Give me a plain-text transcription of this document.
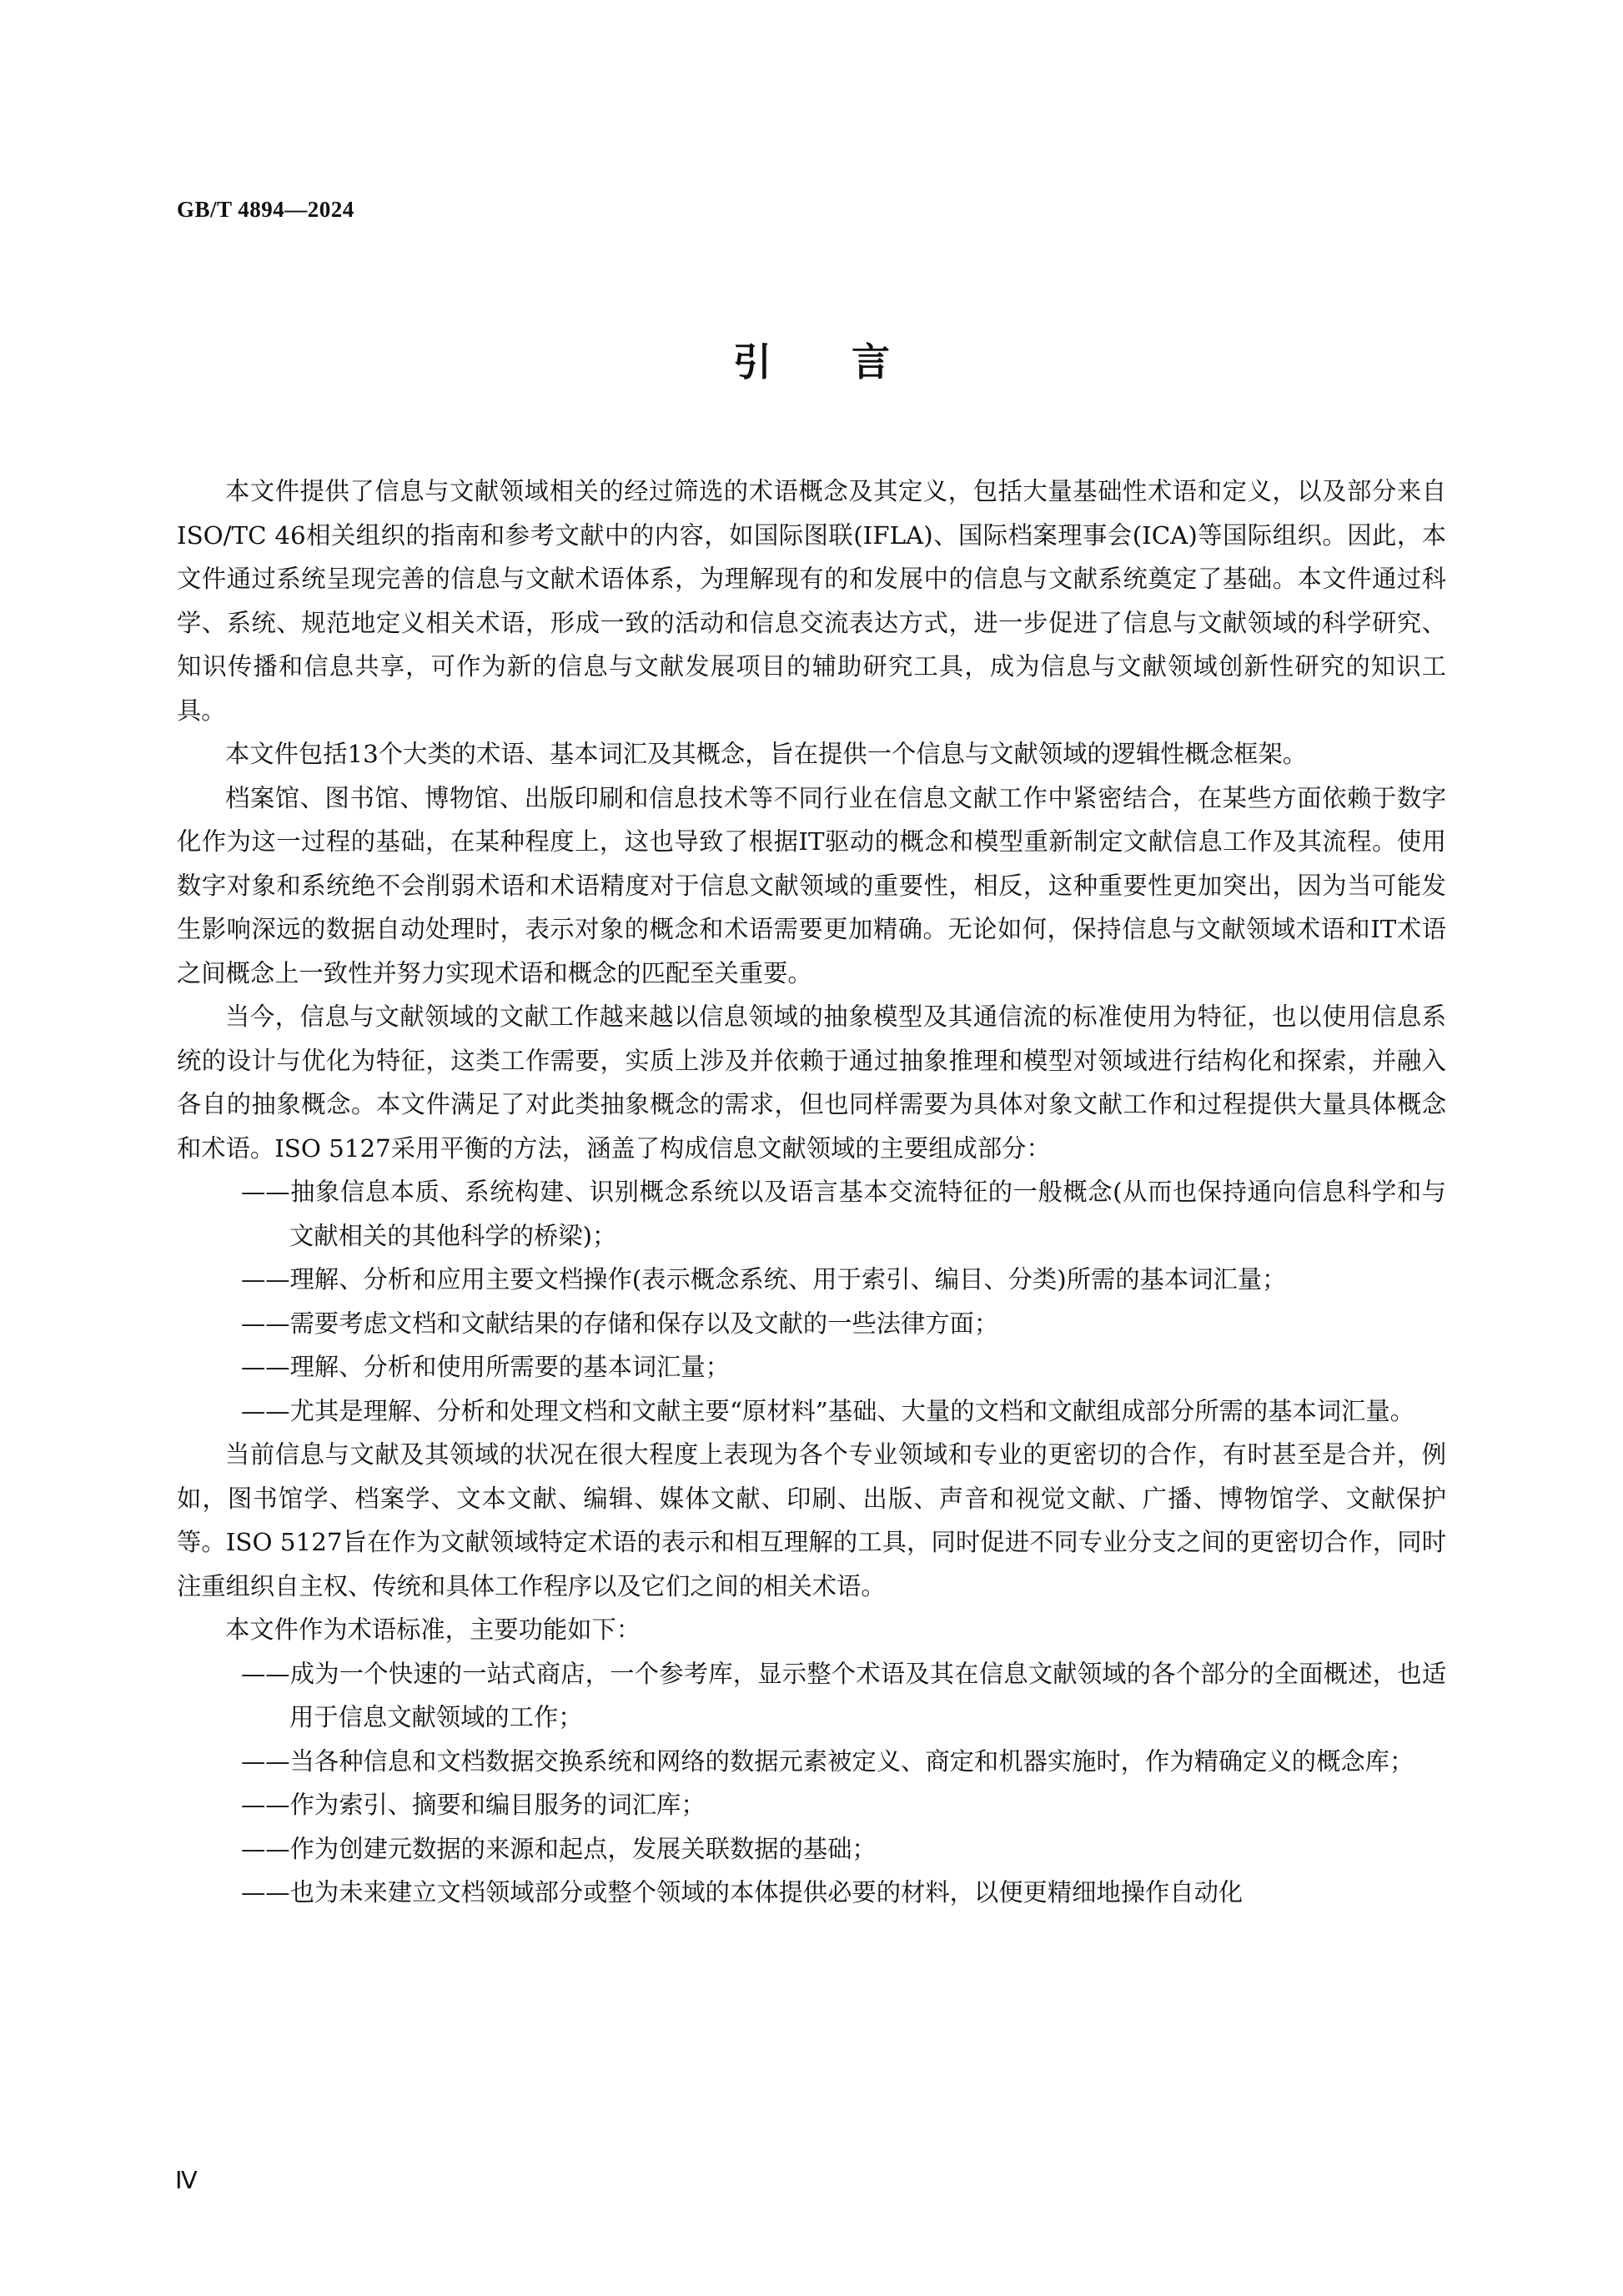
GB/T 4894—2024
引言

本文件提供了信息与文献领域相关的经过筛选的术语概念及其定义，包括大量基础性术语和定义，以及部分来自ISO/TC 46相关组织的指南和参考文献中的内容，如国际图联(IFLA)、国际档案理事会(ICA)等国际组织。因此，本文件通过系统呈现完善的信息与文献术语体系，为理解现有的和发展中的信息与文献系统奠定了基础。本文件通过科学、系统、规范地定义相关术语，形成一致的活动和信息交流表达方式，进一步促进了信息与文献领域的科学研究、知识传播和信息共享，可作为新的信息与文献发展项目的辅助研究工具，成为信息与文献领域创新性研究的知识工具。

本文件包括13个大类的术语、基本词汇及其概念，旨在提供一个信息与文献领域的逻辑性概念框架。

档案馆、图书馆、博物馆、出版印刷和信息技术等不同行业在信息文献工作中紧密结合，在某些方面依赖于数字化作为这一过程的基础，在某种程度上，这也导致了根据IT驱动的概念和模型重新制定文献信息工作及其流程。使用数字对象和系统绝不会削弱术语和术语精度对于信息文献领域的重要性，相反，这种重要性更加突出，因为当可能发生影响深远的数据自动处理时，表示对象的概念和术语需要更加精确。无论如何，保持信息与文献领域术语和IT术语之间概念上一致性并努力实现术语和概念的匹配至关重要。

当今，信息与文献领域的文献工作越来越以信息领域的抽象模型及其通信流的标准使用为特征，也以使用信息系统的设计与优化为特征，这类工作需要，实质上涉及并依赖于通过抽象推理和模型对领域进行结构化和探索，并融入各自的抽象概念。本文件满足了对此类抽象概念的需求，但也同样需要为具体对象文献工作和过程提供大量具体概念和术语。ISO 5127采用平衡的方法，涵盖了构成信息文献领域的主要组成部分：

——抽象信息本质、系统构建、识别概念系统以及语言基本交流特征的一般概念(从而也保持通向信息科学和与文献相关的其他科学的桥梁)；

——理解、分析和应用主要文档操作(表示概念系统、用于索引、编目、分类)所需的基本词汇量；

——需要考虑文档和文献结果的存储和保存以及文献的一些法律方面；

——理解、分析和使用所需要的基本词汇量；

——尤其是理解、分析和处理文档和文献主要“原材料”基础、大量的文档和文献组成部分所需的基本词汇量。

当前信息与文献及其领域的状况在很大程度上表现为各个专业领域和专业的更密切的合作，有时甚至是合并，例如，图书馆学、档案学、文本文献、编辑、媒体文献、印刷、出版、声音和视觉文献、广播、博物馆学、文献保护等。ISO 5127旨在作为文献领域特定术语的表示和相互理解的工具，同时促进不同专业分支之间的更密切合作，同时注重组织自主权、传统和具体工作程序以及它们之间的相关术语。

本文件作为术语标准，主要功能如下：

——成为一个快速的一站式商店，一个参考库，显示整个术语及其在信息文献领域的各个部分的全面概述，也适用于信息文献领域的工作；

——当各种信息和文档数据交换系统和网络的数据元素被定义、商定和机器实施时，作为精确定义的概念库；

——作为索引、摘要和编目服务的词汇库；

——作为创建元数据的来源和起点，发展关联数据的基础；

——也为未来建立文档领域部分或整个领域的本体提供必要的材料，以便更精细地操作自动化

Ⅳ
